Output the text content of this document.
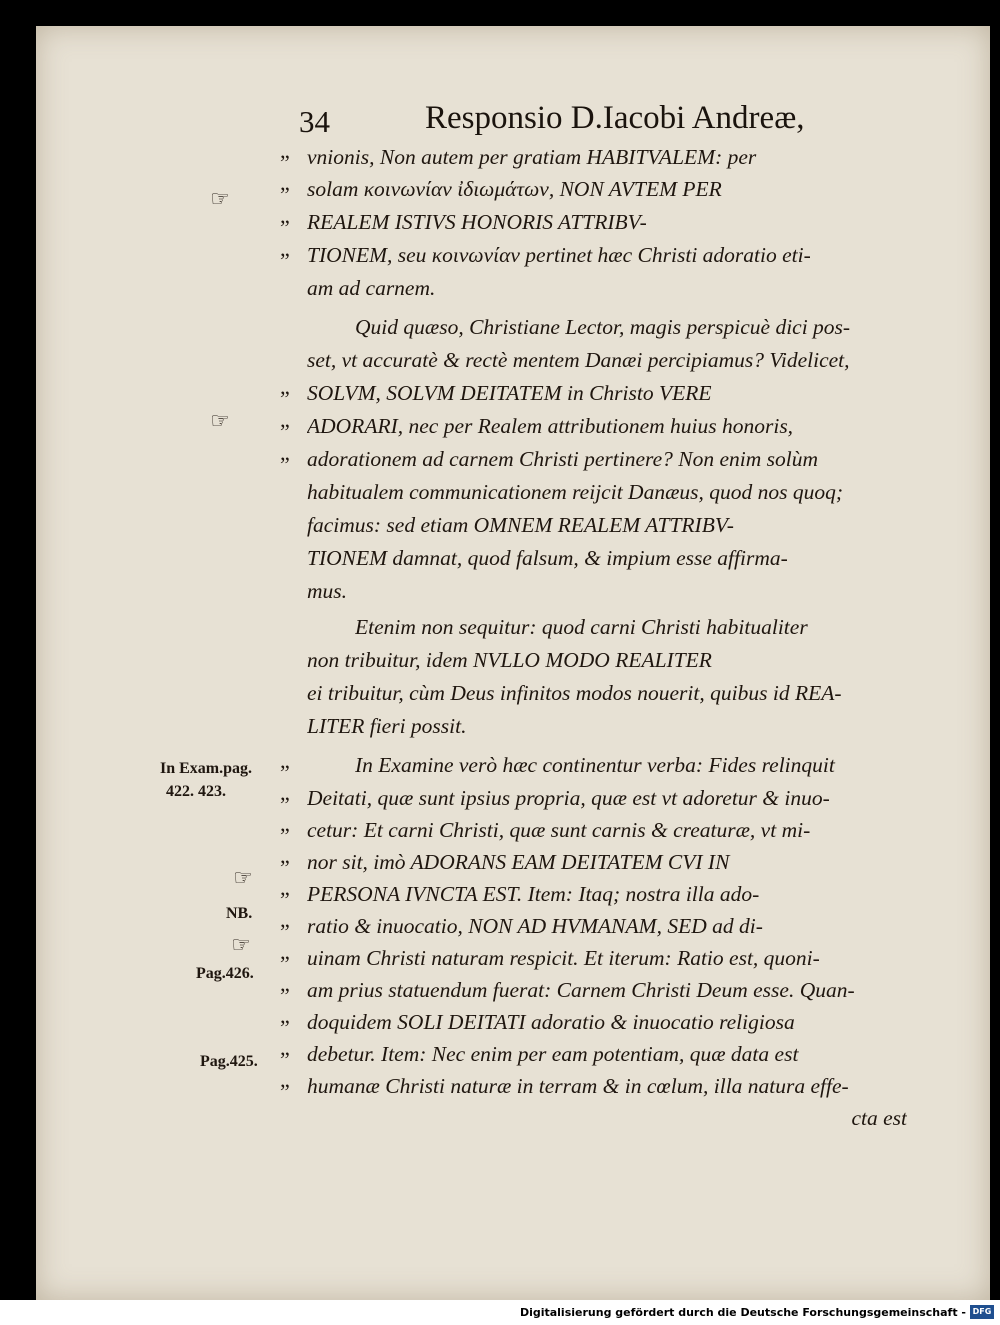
34	Responsio D.Iacobi Andreæ,
vnionis, Non autem per gratiam HABITVALEM: per
solam κοινωνίαν ἰδιωμάτων, NON AVTEM PER
REALEM ISTIVS HONORIS ATTRIBV-
TIONEM, seu κοινωνίαν pertinet hæc Christi adoratio eti-
am ad carnem.
Quid quæso, Christiane Lector, magis perspicuè dici pos-
set, vt accuratè & rectè mentem Danæi percipiamus? Videlicet,
SOLVM, SOLVM DEITATEM in Christo VERE
ADORARI, nec per Realem attributionem huius honoris,
adorationem ad carnem Christi pertinere? Non enim solùm
habitualem communicationem reijcit Danæus, quod nos quoq;
facimus: sed etiam OMNEM REALEM ATTRIBV-
TIONEM damnat, quod falsum, & impium esse affirma-
mus.
Etenim non sequitur: quod carni Christi habitualiter
non tribuitur, idem NVLLO MODO REALITER
ei tribuitur, cùm Deus infinitos modos nouerit, quibus id REA-
LITER fieri possit.
In Examine verò hæc continentur verba: Fides relinquit
Deitati, quæ sunt ipsius propria, quæ est vt adoretur & inuo-
cetur: Et carni Christi, quæ sunt carnis & creaturæ, vt mi-
nor sit, imò ADORANS EAM DEITATEM CVI IN
PERSONA IVNCTA EST. Item: Itaq; nostra illa ado-
ratio & inuocatio, NON AD HVMANAM, SED ad di-
uinam Christi naturam respicit. Et iterum: Ratio est, quoni-
am prius statuendum fuerat: Carnem Christi Deum esse. Quan-
doquidem SOLI DEITATI adoratio & inuocatio religiosa
debetur. Item: Nec enim per eam potentiam, quæ data est
humanæ Christi naturæ in terram & in cœlum, illa natura effe-
cta est
”
”
”
”
”
”
”
”
”
”
”
”
”
”
”
”
”
”
☞
☞
☞
☞
In Exam.pag.
422. 423.
NB.
Pag.426.
Pag.425.
Digitalisierung gefördert durch die Deutsche Forschungsgemeinschaft - DFG
